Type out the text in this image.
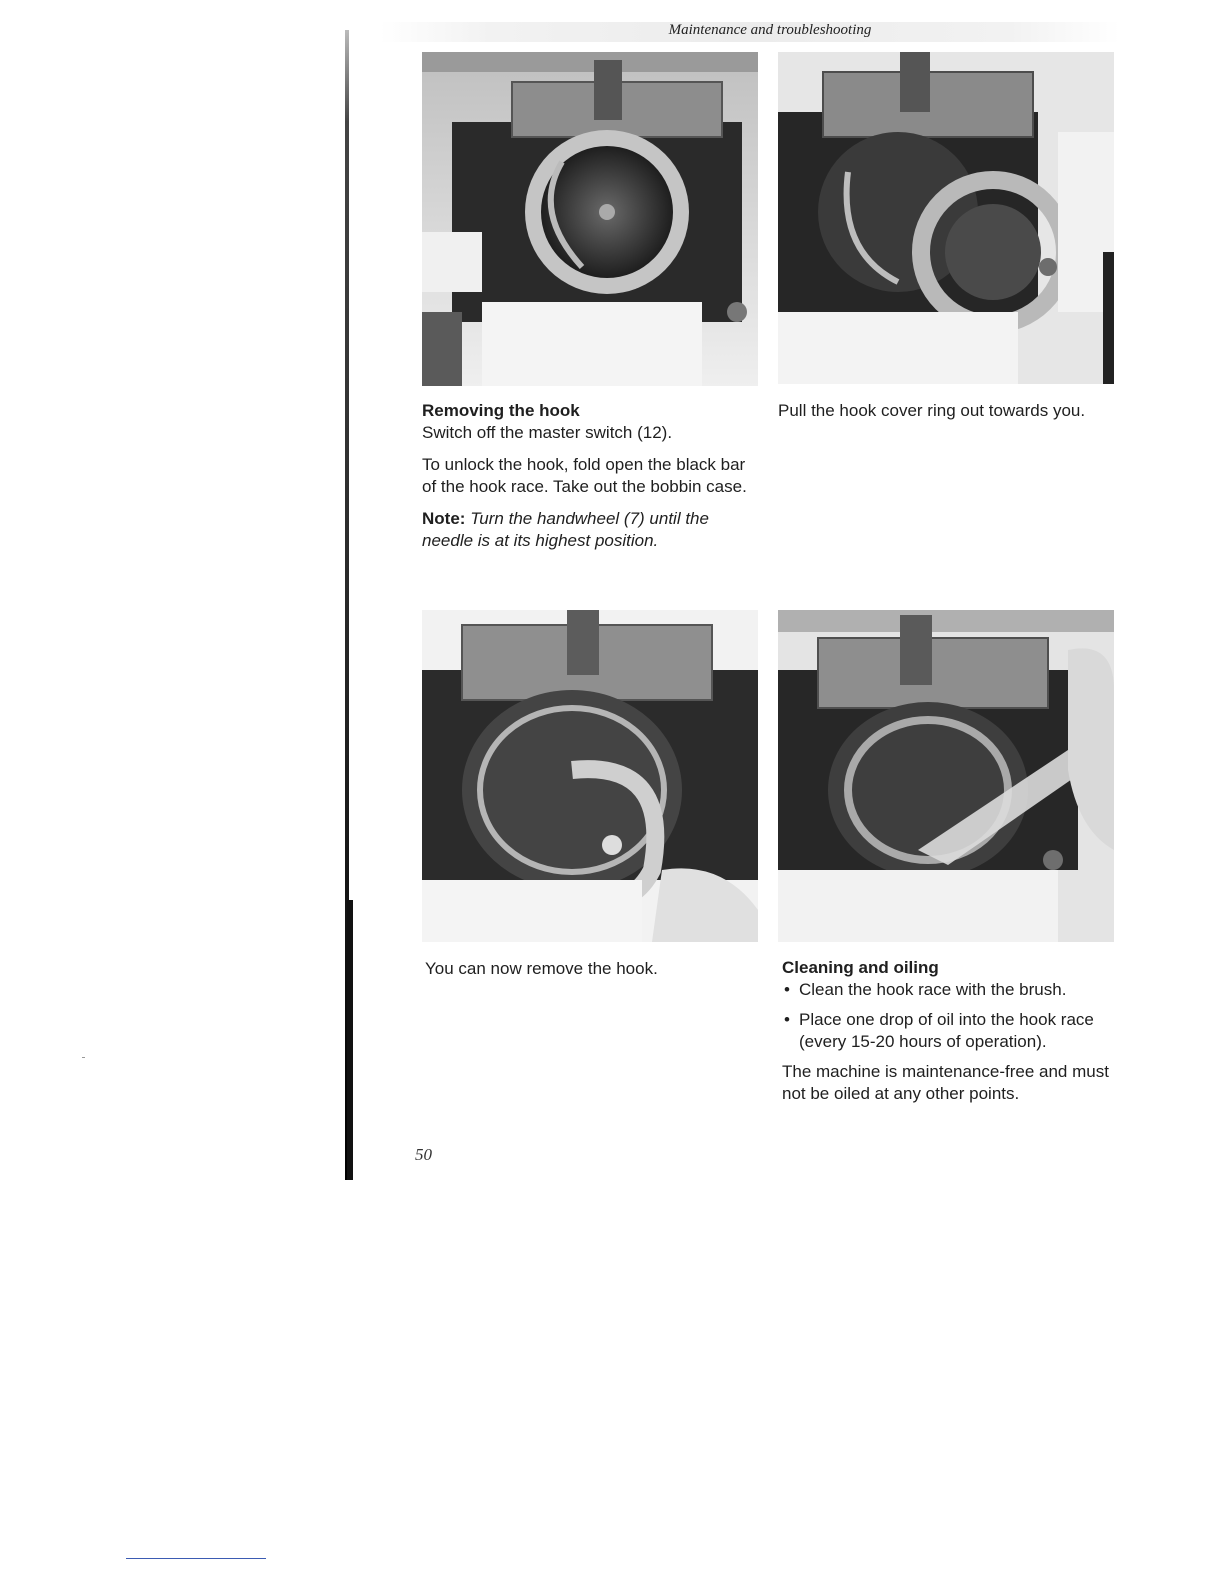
Maintenance and troubleshooting
Removing the hook
Switch off the master switch (12).
To unlock the hook, fold open the black bar of the hook race. Take out the bobbin case.
Note: Turn the handwheel (7) until the needle is at its highest position.
Pull the hook cover ring out towards you.
You can now remove the hook.	Cleaning and oiling
• Clean the hook race with the brush.
• Place one drop of oil into the hook race (every 15-20 hours of operation).
The machine is maintenance-free and must not be oiled at any other points.
50
